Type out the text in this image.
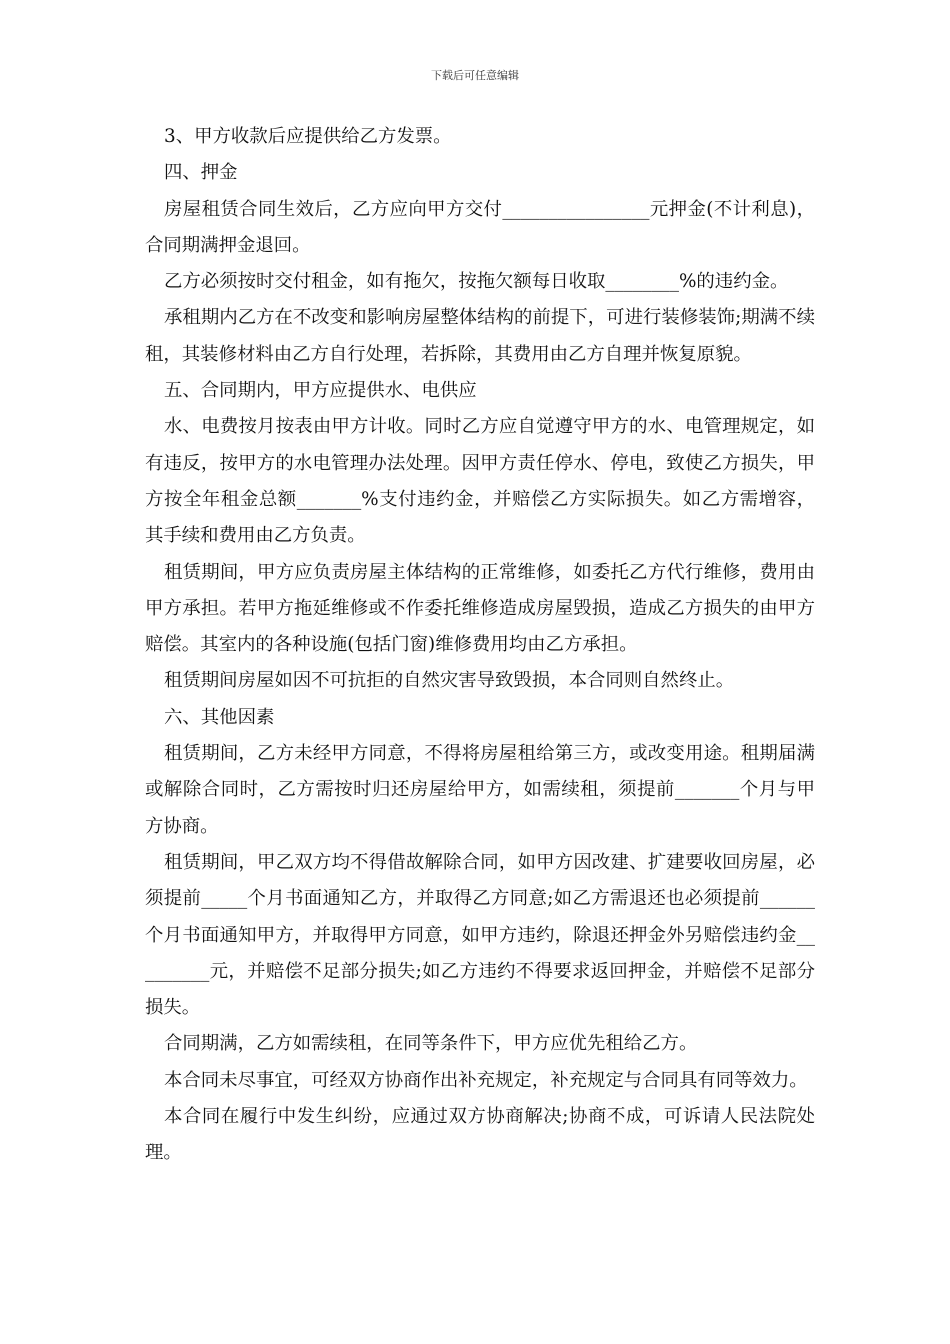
下载后可任意编辑

3、甲方收款后应提供给乙方发票。

四、押金

房屋租赁合同生效后，乙方应向甲方交付________________元押金(不计利息)，合同期满押金退回。

乙方必须按时交付租金，如有拖欠，按拖欠额每日收取________%的违约金。

承租期内乙方在不改变和影响房屋整体结构的前提下，可进行装修装饰;期满不续租，其装修材料由乙方自行处理，若拆除，其费用由乙方自理并恢复原貌。

五、合同期内，甲方应提供水、电供应

水、电费按月按表由甲方计收。同时乙方应自觉遵守甲方的水、电管理规定，如有违反，按甲方的水电管理办法处理。因甲方责任停水、停电，致使乙方损失，甲方按全年租金总额_______%支付违约金，并赔偿乙方实际损失。如乙方需增容，其手续和费用由乙方负责。

租赁期间，甲方应负责房屋主体结构的正常维修，如委托乙方代行维修，费用由甲方承担。若甲方拖延维修或不作委托维修造成房屋毁损，造成乙方损失的由甲方赔偿。其室内的各种设施(包括门窗)维修费用均由乙方承担。

租赁期间房屋如因不可抗拒的自然灾害导致毁损，本合同则自然终止。

六、其他因素

租赁期间，乙方未经甲方同意，不得将房屋租给第三方，或改变用途。租期届满或解除合同时，乙方需按时归还房屋给甲方，如需续租，须提前_______个月与甲方协商。

租赁期间，甲乙双方均不得借故解除合同，如甲方因改建、扩建要收回房屋，必须提前_____个月书面通知乙方，并取得乙方同意;如乙方需退还也必须提前______个月书面通知甲方，并取得甲方同意，如甲方违约，除退还押金外另赔偿违约金_________元，并赔偿不足部分损失;如乙方违约不得要求返回押金，并赔偿不足部分损失。

合同期满，乙方如需续租，在同等条件下，甲方应优先租给乙方。

本合同未尽事宜，可经双方协商作出补充规定，补充规定与合同具有同等效力。

本合同在履行中发生纠纷，应通过双方协商解决;协商不成，可诉请人民法院处理。
